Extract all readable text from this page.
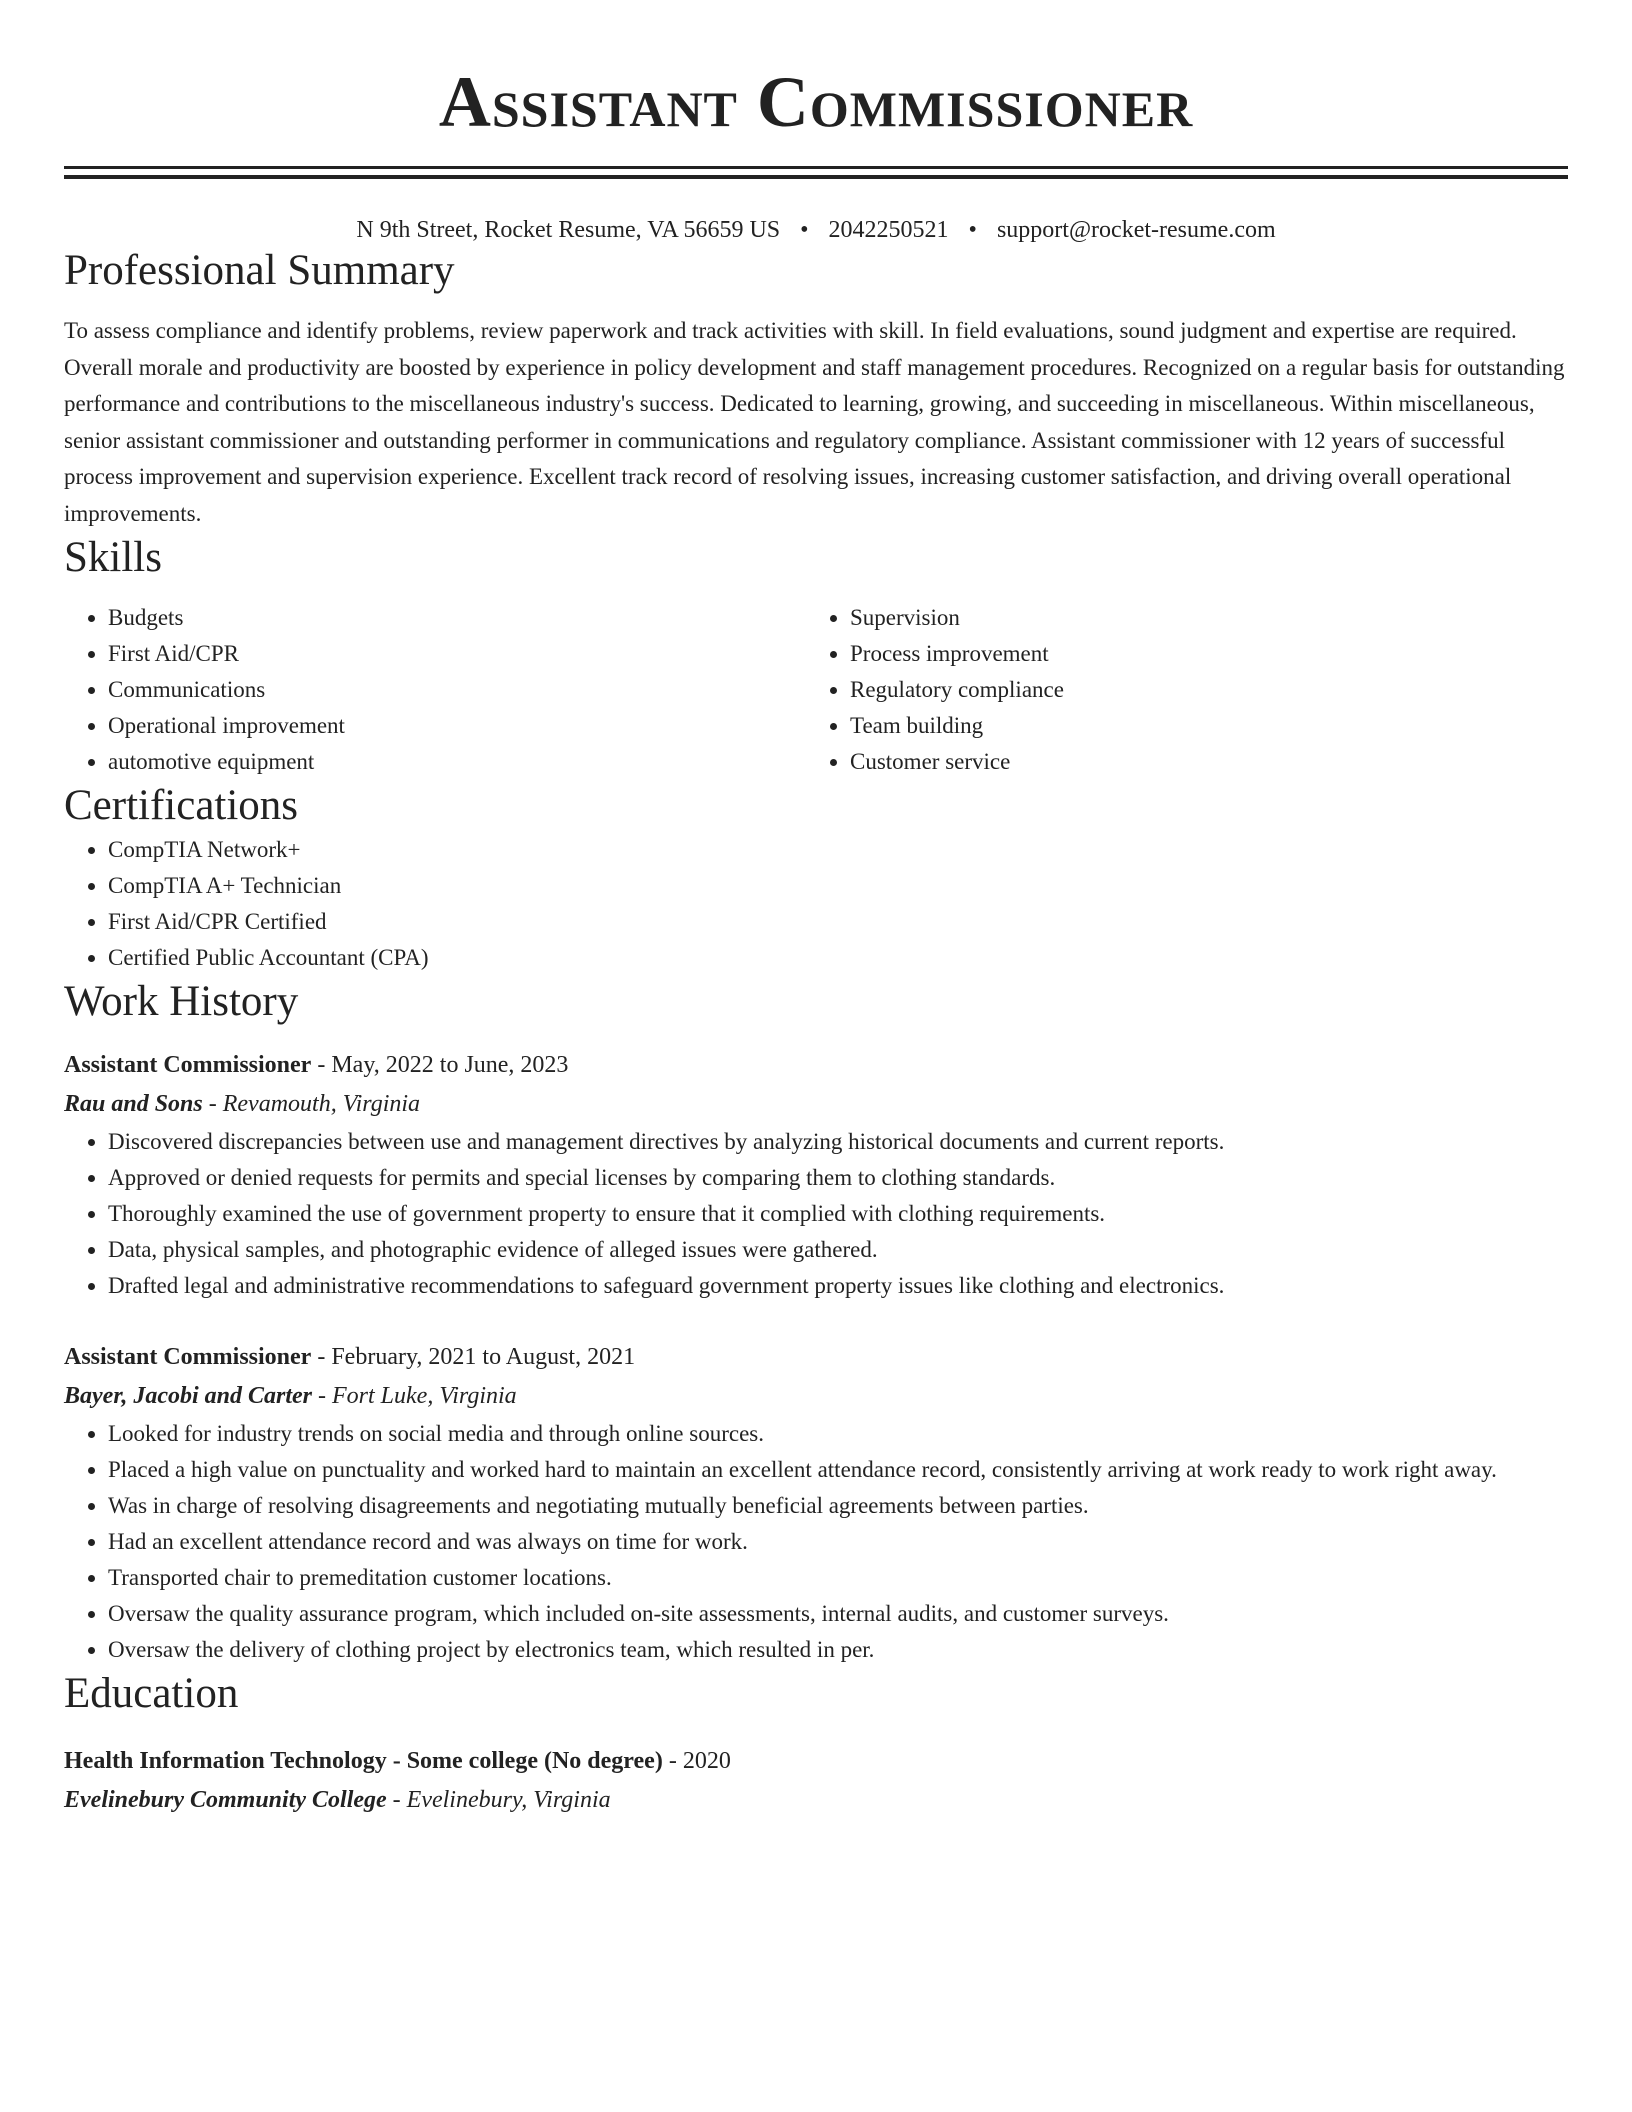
Assistant Commissioner
N 9th Street, Rocket Resume, VA 56659 US • 2042250521 • support@rocket-resume.com
Professional Summary
To assess compliance and identify problems, review paperwork and track activities with skill. In field evaluations, sound judgment and expertise are required. Overall morale and productivity are boosted by experience in policy development and staff management procedures. Recognized on a regular basis for outstanding performance and contributions to the miscellaneous industry's success. Dedicated to learning, growing, and succeeding in miscellaneous. Within miscellaneous, senior assistant commissioner and outstanding performer in communications and regulatory compliance. Assistant commissioner with 12 years of successful process improvement and supervision experience. Excellent track record of resolving issues, increasing customer satisfaction, and driving overall operational improvements.
Skills
• Budgets
• First Aid/CPR
• Communications
• Operational improvement
• automotive equipment
• Supervision
• Process improvement
• Regulatory compliance
• Team building
• Customer service
Certifications
• CompTIA Network+
• CompTIA A+ Technician
• First Aid/CPR Certified
• Certified Public Accountant (CPA)
Work History
Assistant Commissioner - May, 2022 to June, 2023
Rau and Sons - Revamouth, Virginia
• Discovered discrepancies between use and management directives by analyzing historical documents and current reports.
• Approved or denied requests for permits and special licenses by comparing them to clothing standards.
• Thoroughly examined the use of government property to ensure that it complied with clothing requirements.
• Data, physical samples, and photographic evidence of alleged issues were gathered.
• Drafted legal and administrative recommendations to safeguard government property issues like clothing and electronics.
Assistant Commissioner - February, 2021 to August, 2021
Bayer, Jacobi and Carter - Fort Luke, Virginia
• Looked for industry trends on social media and through online sources.
• Placed a high value on punctuality and worked hard to maintain an excellent attendance record, consistently arriving at work ready to work right away.
• Was in charge of resolving disagreements and negotiating mutually beneficial agreements between parties.
• Had an excellent attendance record and was always on time for work.
• Transported chair to premeditation customer locations.
• Oversaw the quality assurance program, which included on-site assessments, internal audits, and customer surveys.
• Oversaw the delivery of clothing project by electronics team, which resulted in per.
Education
Health Information Technology - Some college (No degree) - 2020
Evelinebury Community College - Evelinebury, Virginia
